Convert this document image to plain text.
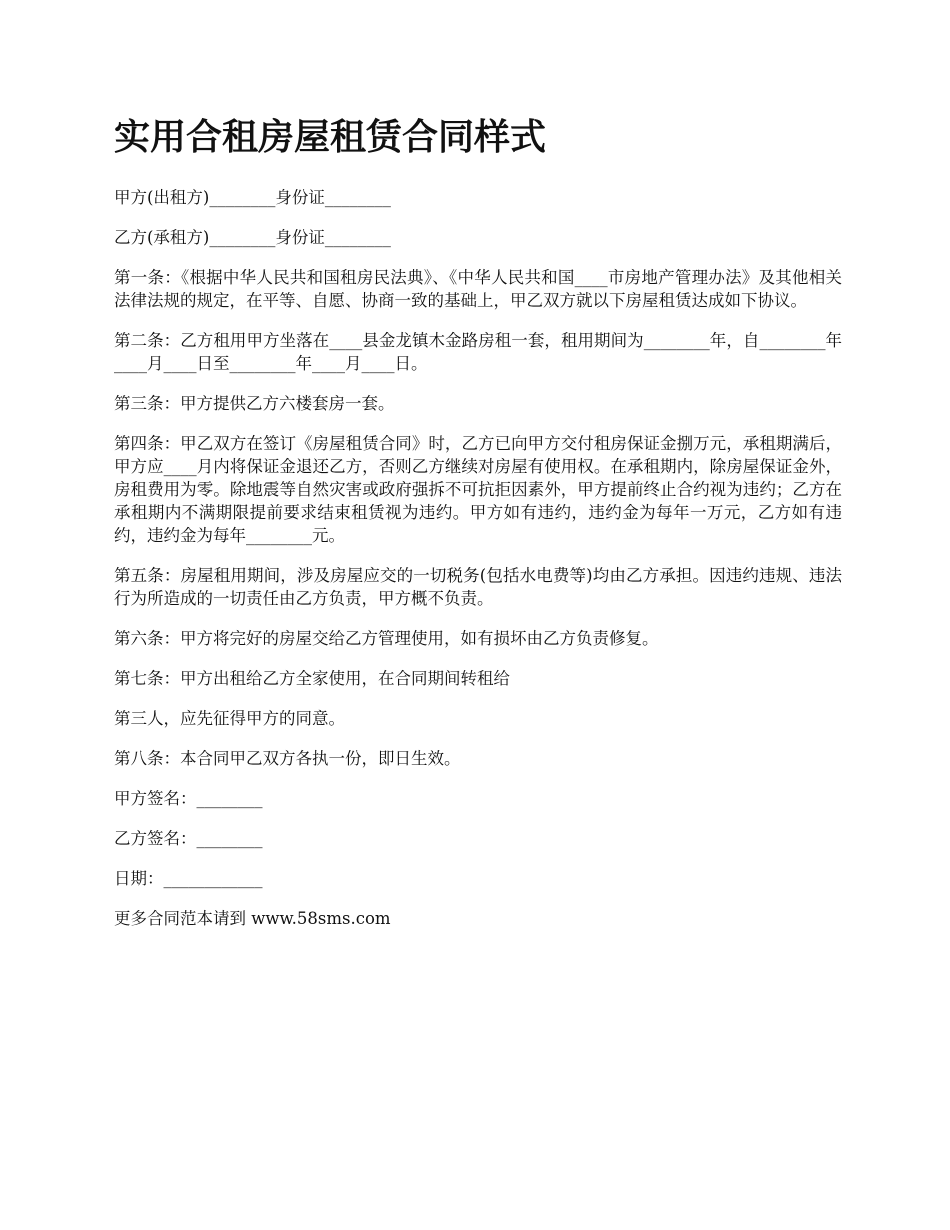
实用合租房屋租赁合同样式

甲方(出租方)________身份证________

乙方(承租方)________身份证________

第一条：《根据中华人民共和国租房民法典》、《中华人民共和国____市房地产管理办法》及其他相关法律法规的规定，在平等、自愿、协商一致的基础上，甲乙双方就以下房屋租赁达成如下协议。

第二条：乙方租用甲方坐落在____县金龙镇木金路房租一套，租用期间为________年，自________年____月____日至________年____月____日。

第三条：甲方提供乙方六楼套房一套。

第四条：甲乙双方在签订《房屋租赁合同》时，乙方已向甲方交付租房保证金捌万元，承租期满后，甲方应____月内将保证金退还乙方，否则乙方继续对房屋有使用权。在承租期内，除房屋保证金外，房租费用为零。除地震等自然灾害或政府强拆不可抗拒因素外，甲方提前终止合约视为违约；乙方在承租期内不满期限提前要求结束租赁视为违约。甲方如有违约，违约金为每年一万元，乙方如有违约，违约金为每年________元。

第五条：房屋租用期间，涉及房屋应交的一切税务(包括水电费等)均由乙方承担。因违约违规、违法行为所造成的一切责任由乙方负责，甲方概不负责。

第六条：甲方将完好的房屋交给乙方管理使用，如有损坏由乙方负责修复。

第七条：甲方出租给乙方全家使用，在合同期间转租给

第三人，应先征得甲方的同意。

第八条：本合同甲乙双方各执一份，即日生效。

甲方签名：________

乙方签名：________

日期：____________

更多合同范本请到 www.58sms.com
